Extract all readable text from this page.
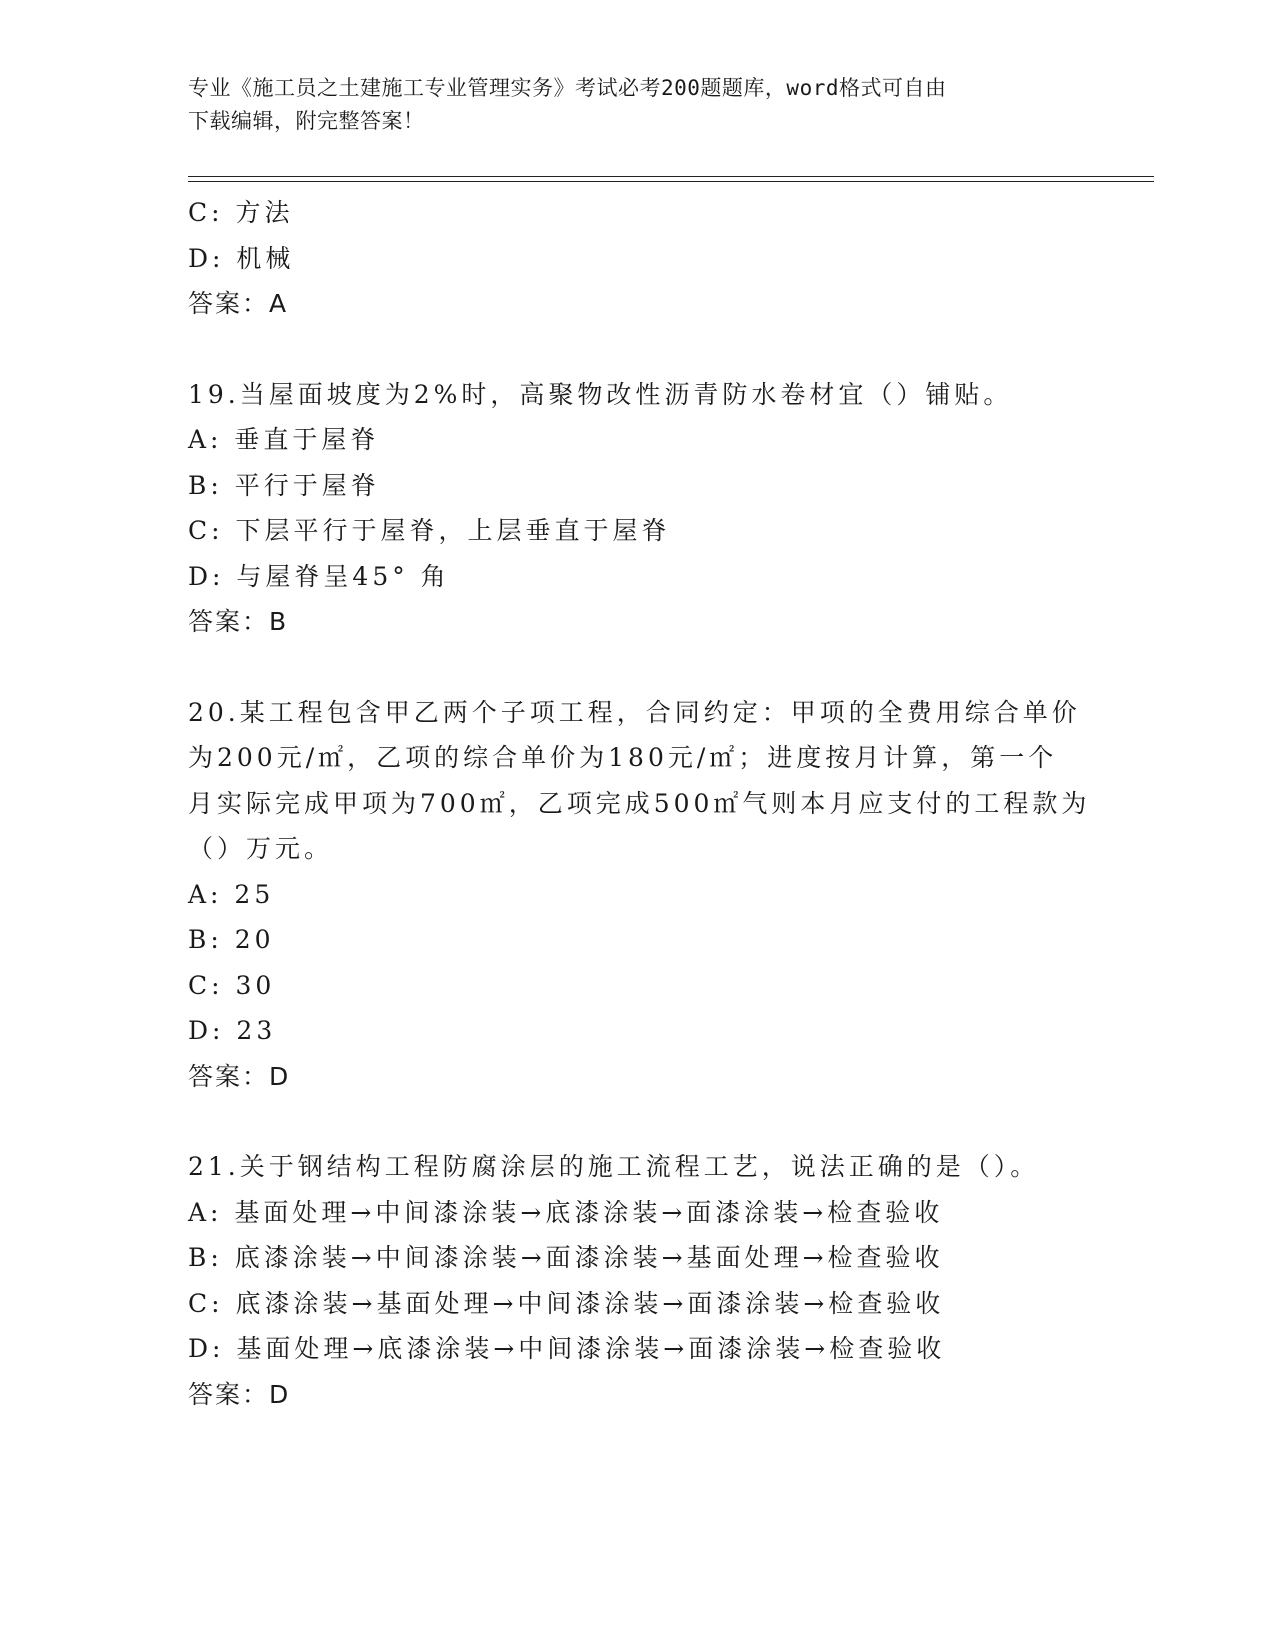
专业《施工员之土建施工专业管理实务》考试必考200题题库，word格式可自由
下载编辑，附完整答案！
C: 方法
D: 机械
答案：A
19.当屋面坡度为2%时，高聚物改性沥青防水卷材宜（）铺贴。
A: 垂直于屋脊
B: 平行于屋脊
C: 下层平行于屋脊，上层垂直于屋脊
D: 与屋脊呈45° 角
答案：B
20.某工程包含甲乙两个子项工程，合同约定：甲项的全费用综合单价
为200元/㎡，乙项的综合单价为180元/㎡；进度按月计算，第一个
月实际完成甲项为700㎡，乙项完成500㎡气则本月应支付的工程款为
（）万元。
A: 25
B: 20
C: 30
D: 23
答案：D
21.关于钢结构工程防腐涂层的施工流程工艺，说法正确的是（）。
A: 基面处理→中间漆涂装→底漆涂装→面漆涂装→检查验收
B: 底漆涂装→中间漆涂装→面漆涂装→基面处理→检查验收
C: 底漆涂装→基面处理→中间漆涂装→面漆涂装→检查验收
D: 基面处理→底漆涂装→中间漆涂装→面漆涂装→检查验收
答案：D
